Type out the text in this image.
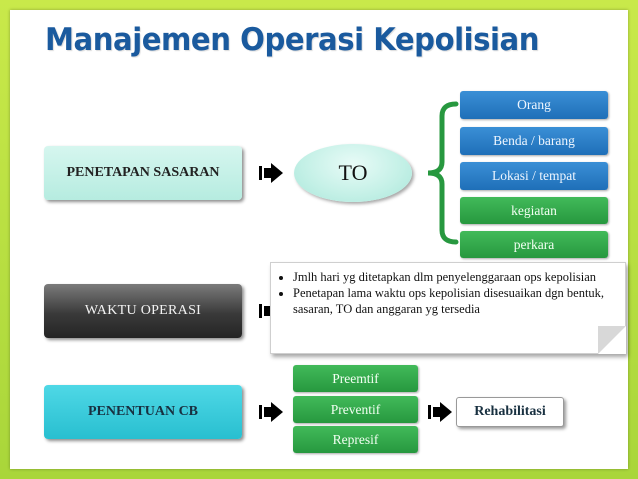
Manajemen Operasi Kepolisian
PENETAPAN SASARAN	TO
Orang
Benda / barang
Lokasi / tempat
kegiatan
perkara
WAKTU OPERASI
• Jmlh hari yg ditetapkan dlm penyelenggaraan ops kepolisian
• Penetapan lama waktu ops kepolisian disesuaikan dgn bentuk, sasaran, TO dan anggaran yg tersedia
PENENTUAN CB
Preemtif
Preventif
Represif
Rehabilitasi
